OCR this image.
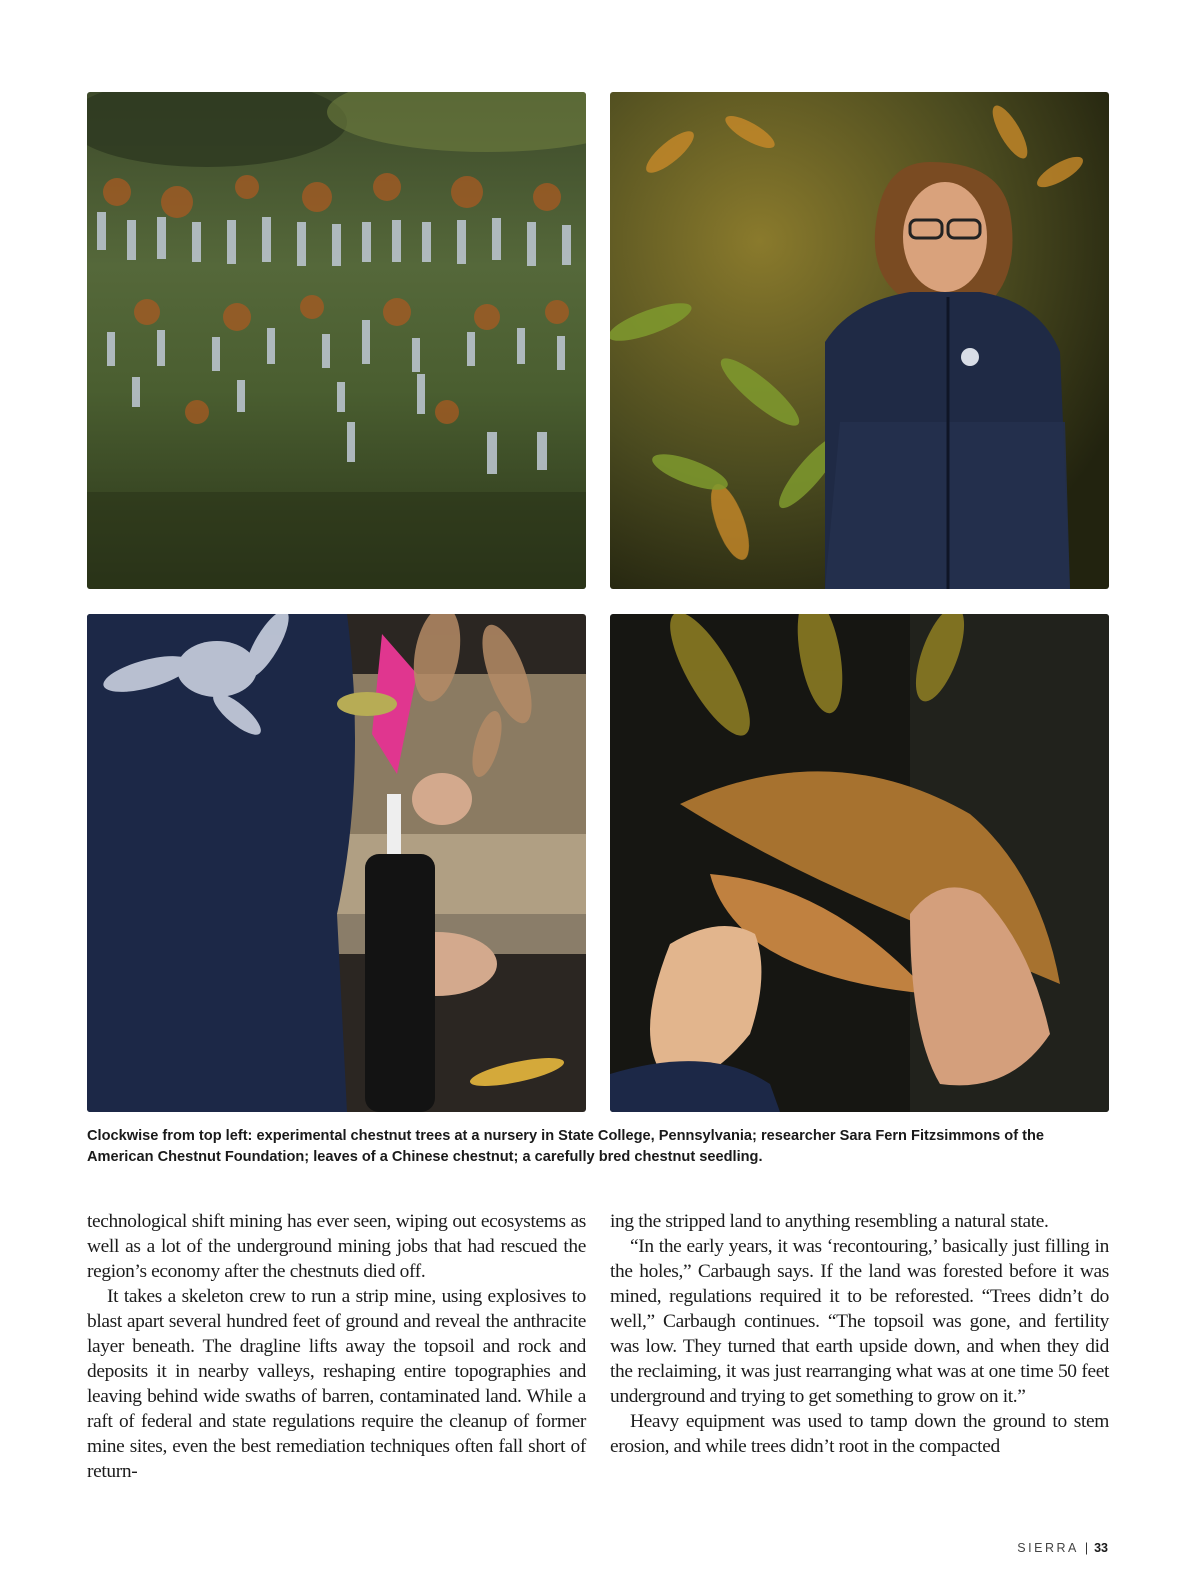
Clockwise from top left: experimental chestnut trees at a nursery in State College, Pennsylvania; researcher Sara Fern Fitzsimmons of the American Chestnut Foundation; leaves of a Chinese chestnut; a carefully bred chestnut seedling.

technological shift mining has ever seen, wiping out ecosystems as well as a lot of the underground mining jobs that had rescued the region’s economy after the chestnuts died off.

It takes a skeleton crew to run a strip mine, using explosives to blast apart several hundred feet of ground and reveal the anthracite layer beneath. The dragline lifts away the topsoil and rock and deposits it in nearby valleys, reshaping entire topographies and leaving behind wide swaths of barren, contaminated land. While a raft of federal and state regulations require the cleanup of former mine sites, even the best remediation techniques often fall short of return-

ing the stripped land to anything resembling a natural state.

“In the early years, it was ‘recontouring,’ basically just filling in the holes,” Carbaugh says. If the land was forested before it was mined, regulations required it to be reforested. “Trees didn’t do well,” Carbaugh continues. “The topsoil was gone, and fertility was low. They turned that earth upside down, and when they did the reclaiming, it was just rearranging what was at one time 50 feet underground and trying to get something to grow on it.”

Heavy equipment was used to tamp down the ground to stem erosion, and while trees didn’t root in the compacted

SIERRA | 33
